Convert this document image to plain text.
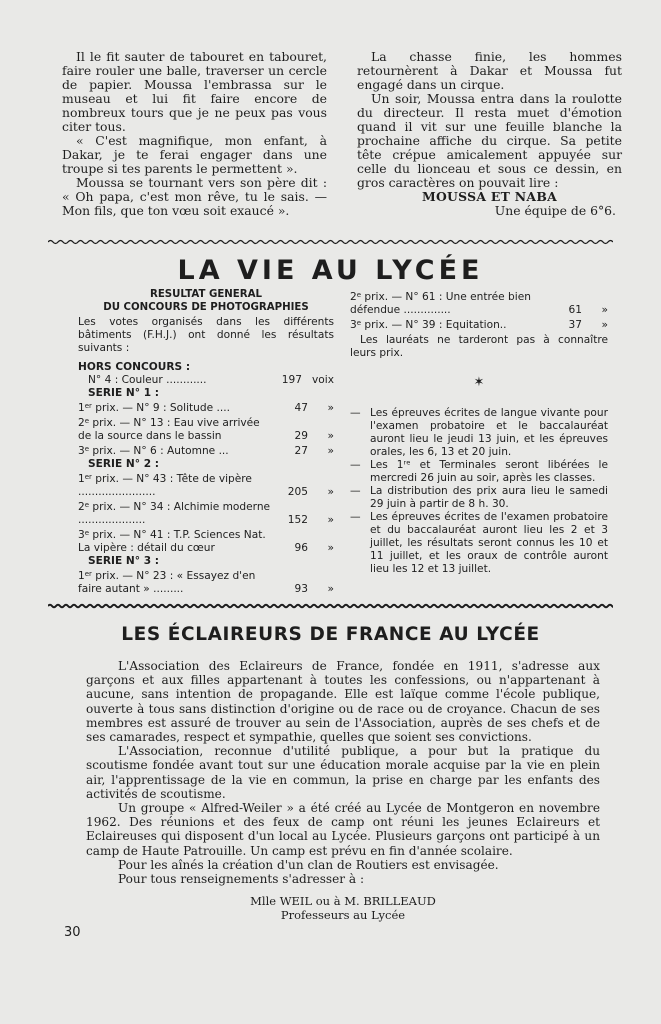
Il le fit sauter de tabouret en tabouret, faire rouler une balle, traverser un cercle de papier. Moussa l'embrassa sur le museau et lui fit faire encore de nombreux tours que je ne peux pas vous citer tous.

« C'est magnifique, mon enfant, à Dakar, je te ferai engager dans une troupe si tes parents le permettent ».

Moussa se tournant vers son père dit : « Oh papa, c'est mon rêve, tu le sais. — Mon fils, que ton vœu soit exaucé ».

La chasse finie, les hommes retournèrent à Dakar et Moussa fut engagé dans un cirque.

Un soir, Moussa entra dans la roulotte du directeur. Il resta muet d'émotion quand il vit sur une feuille blanche la prochaine affiche du cirque. Sa petite tête crépue amicalement appuyée sur celle du lionceau et sous ce dessin, en gros caractères on pouvait lire :

MOUSSA ET NABA

Une équipe de 6°6.

LA VIE AU LYCÉE
RESULTAT GENERAL
DU CONCOURS DE PHOTOGRAPHIES
Les votes organisés dans les différents bâtiments (F.H.J.) ont donné les résultats suivants :
HORS CONCOURS :
N° 4 : Couleur ............	197 voix
SERIE N° 1 :
1er prix. — N° 9 : Solitude ....	47	»
2e prix. — N° 13 : Eau vive arrivée de la source dans le bassin	29	»
3e prix. — N° 6 : Automne ...	27	»
SERIE N° 2 :
1er prix. — N° 43 : Tête de vipère .......................	205	»
2e prix. — N° 34 : Alchimie moderne ....................	152	»
3e prix. — N° 41 : T.P. Sciences Nat. La vipère : détail du cœur	96	»
SERIE N° 3 :
1er prix. — N° 23 : « Essayez d'en faire autant » .........	93	»
2e prix. — N° 61 : Une entrée bien défendue ..............	61	»
3e prix. — N° 39 : Equitation..	37	»
Les lauréats ne tarderont pas à connaître leurs prix.
✶
— Les épreuves écrites de langue vivante pour l'examen probatoire et le baccalauréat auront lieu le jeudi 13 juin, et les épreuves orales, les 6, 13 et 20 juin.
— Les 1ʳᵉ et Terminales seront libérées le mercredi 26 juin au soir, après les classes.
— La distribution des prix aura lieu le samedi 29 juin à partir de 8 h. 30.
— Les épreuves écrites de l'examen probatoire et du baccalauréat auront lieu les 2 et 3 juillet, les résultats seront connus les 10 et 11 juillet, et les oraux de contrôle auront lieu les 12 et 13 juillet.
LES ÉCLAIREURS DE FRANCE AU LYCÉE

L'Association des Eclaireurs de France, fondée en 1911, s'adresse aux garçons et aux filles appartenant à toutes les confessions, ou n'appartenant à aucune, sans intention de propagande. Elle est laïque comme l'école publique, ouverte à tous sans distinction d'origine ou de race ou de croyance. Chacun de ses membres est assuré de trouver au sein de l'Association, auprès de ses chefs et de ses camarades, respect et sympathie, quelles que soient ses convictions.

L'Association, reconnue d'utilité publique, a pour but la pratique du scoutisme fondée avant tout sur une éducation morale acquise par la vie en plein air, l'apprentissage de la vie en commun, la prise en charge par les enfants des activités de scoutisme.

Un groupe « Alfred-Weiler » a été créé au Lycée de Montgeron en novembre 1962. Des réunions et des feux de camp ont réuni les jeunes Eclaireurs et Eclaireuses qui disposent d'un local au Lycée. Plusieurs garçons ont participé à un camp de Haute Patrouille. Un camp est prévu en fin d'année scolaire.

Pour les aînés la création d'un clan de Routiers est envisagée.

Pour tous renseignements s'adresser à :

Mlle WEIL ou à M. BRILLEAUD

Professeurs au Lycée

30
